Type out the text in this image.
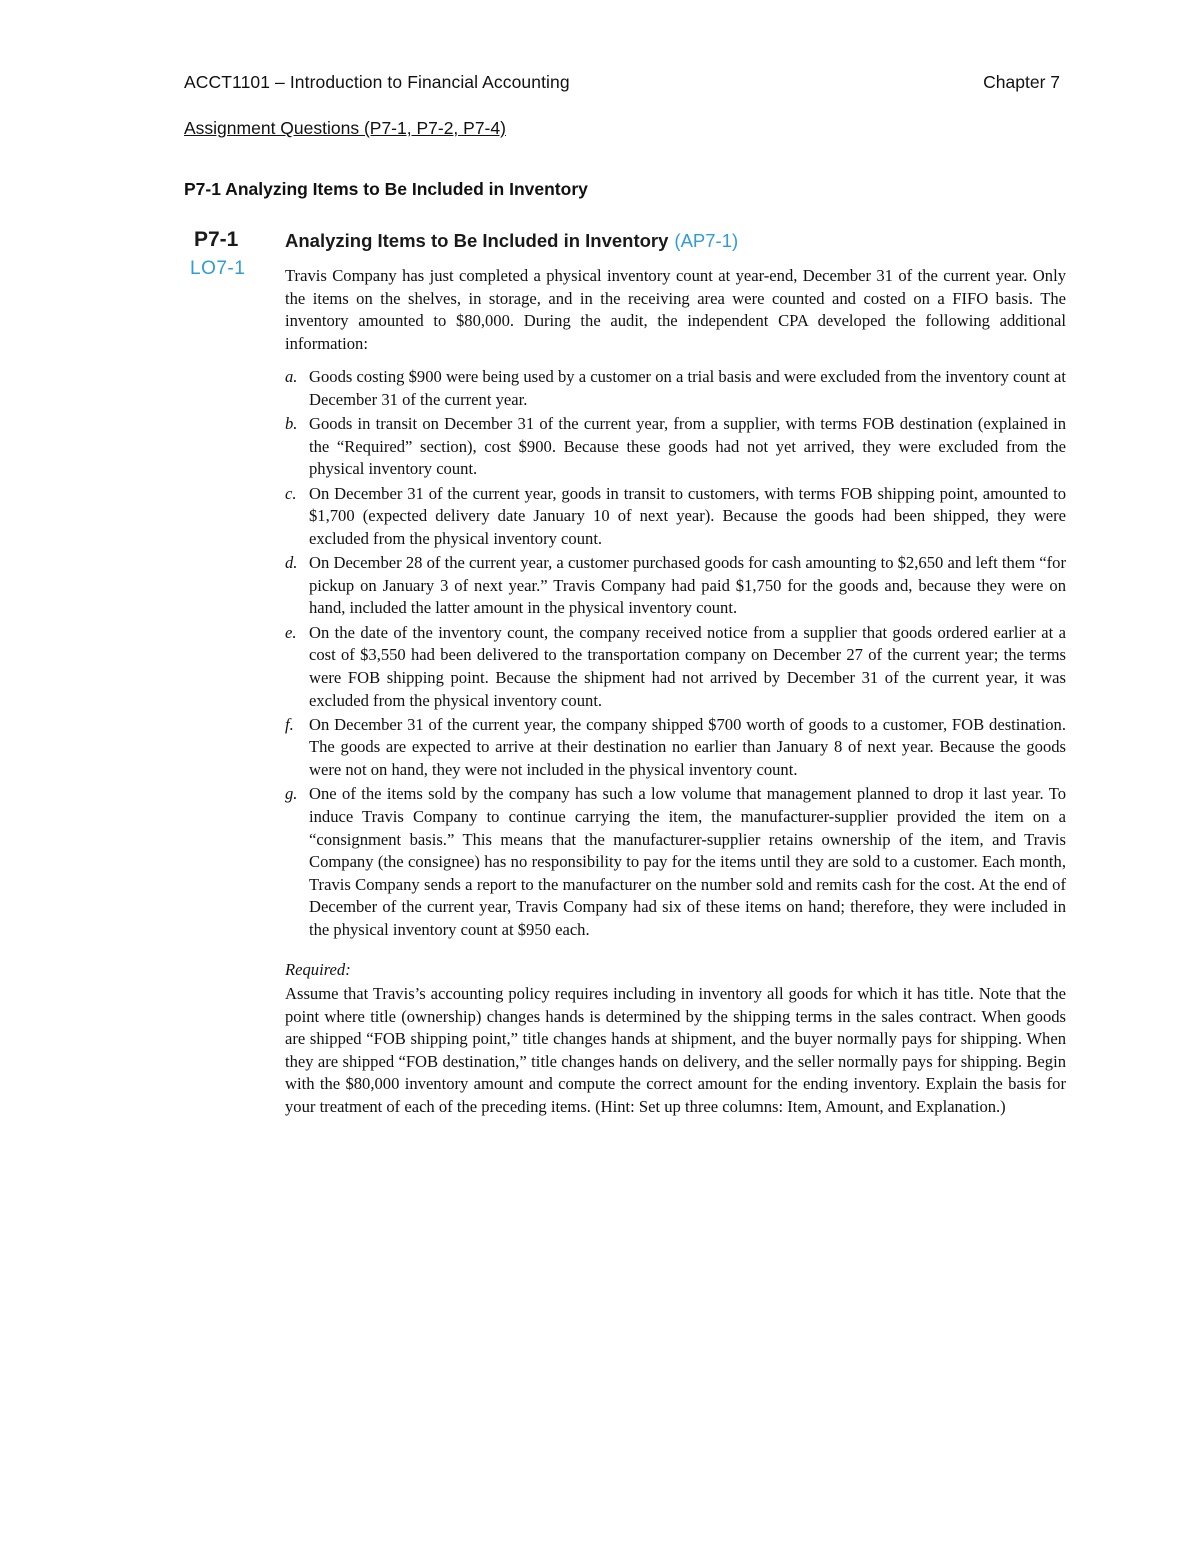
ACCT1101 – Introduction to Financial Accounting	Chapter 7
Assignment Questions (P7-1, P7-2, P7-4)
P7-1 Analyzing Items to Be Included in Inventory
P7-1
LO7-1
Analyzing Items to Be Included in Inventory (AP7-1)
Travis Company has just completed a physical inventory count at year-end, December 31 of the current year. Only the items on the shelves, in storage, and in the receiving area were counted and costed on a FIFO basis. The inventory amounted to $80,000. During the audit, the independent CPA developed the following additional information:
a. Goods costing $900 were being used by a customer on a trial basis and were excluded from the inventory count at December 31 of the current year.
b. Goods in transit on December 31 of the current year, from a supplier, with terms FOB destination (explained in the “Required” section), cost $900. Because these goods had not yet arrived, they were excluded from the physical inventory count.
c. On December 31 of the current year, goods in transit to customers, with terms FOB shipping point, amounted to $1,700 (expected delivery date January 10 of next year). Because the goods had been shipped, they were excluded from the physical inventory count.
d. On December 28 of the current year, a customer purchased goods for cash amounting to $2,650 and left them “for pickup on January 3 of next year.” Travis Company had paid $1,750 for the goods and, because they were on hand, included the latter amount in the physical inventory count.
e. On the date of the inventory count, the company received notice from a supplier that goods ordered earlier at a cost of $3,550 had been delivered to the transportation company on December 27 of the current year; the terms were FOB shipping point. Because the shipment had not arrived by December 31 of the current year, it was excluded from the physical inventory count.
f. On December 31 of the current year, the company shipped $700 worth of goods to a customer, FOB destination. The goods are expected to arrive at their destination no earlier than January 8 of next year. Because the goods were not on hand, they were not included in the physical inventory count.
g. One of the items sold by the company has such a low volume that management planned to drop it last year. To induce Travis Company to continue carrying the item, the manufacturer-supplier provided the item on a “consignment basis.” This means that the manufacturer-supplier retains ownership of the item, and Travis Company (the consignee) has no responsibility to pay for the items until they are sold to a customer. Each month, Travis Company sends a report to the manufacturer on the number sold and remits cash for the cost. At the end of December of the current year, Travis Company had six of these items on hand; therefore, they were included in the physical inventory count at $950 each.
Required:
Assume that Travis’s accounting policy requires including in inventory all goods for which it has title. Note that the point where title (ownership) changes hands is determined by the shipping terms in the sales contract. When goods are shipped “FOB shipping point,” title changes hands at shipment, and the buyer normally pays for shipping. When they are shipped “FOB destination,” title changes hands on delivery, and the seller normally pays for shipping. Begin with the $80,000 inventory amount and compute the correct amount for the ending inventory. Explain the basis for your treatment of each of the preceding items. (Hint: Set up three columns: Item, Amount, and Explanation.)
